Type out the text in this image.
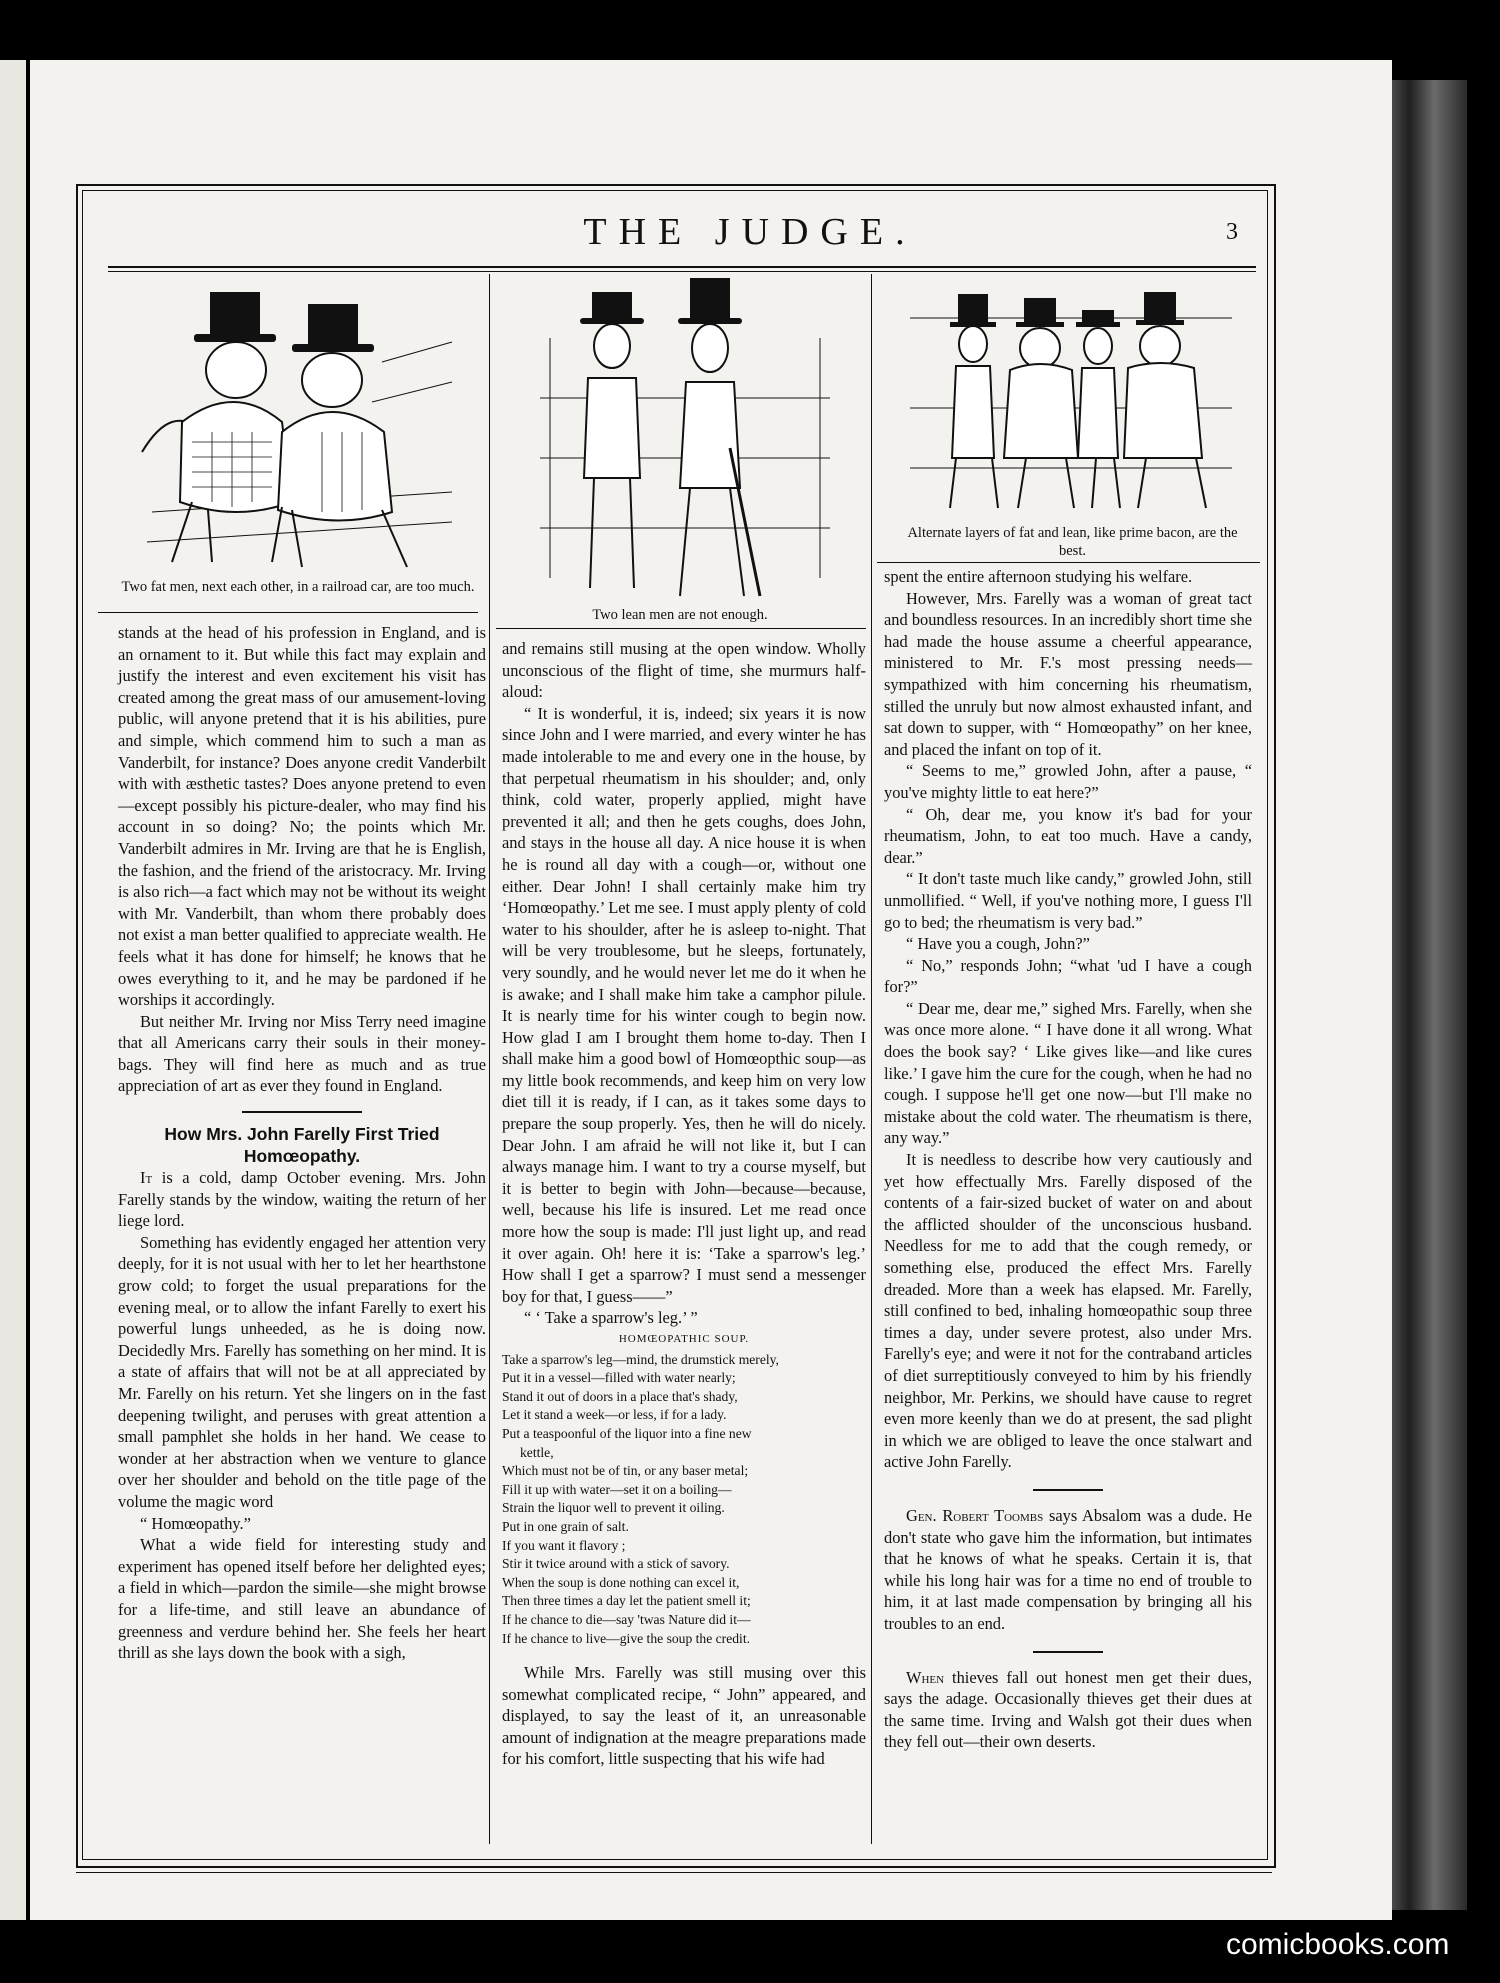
THE JUDGE.	3
Two fat men, next each other, in a railroad car, are too much.
Two lean men are not enough.
Alternate layers of fat and lean, like prime bacon, are the best.

stands at the head of his profession in England, and is an ornament to it. But while this fact may explain and justify the interest and even excitement his visit has created among the great mass of our amusement-loving public, will anyone pretend that it is his abilities, pure and simple, which commend him to such a man as Vanderbilt, for instance? Does anyone credit Vanderbilt with with æsthetic tastes? Does anyone pretend to even—except possibly his picture-dealer, who may find his account in so doing? No; the points which Mr. Vanderbilt admires in Mr. Irving are that he is English, the fashion, and the friend of the aristocracy. Mr. Irving is also rich—a fact which may not be without its weight with Mr. Vanderbilt, than whom there probably does not exist a man better qualified to appreciate wealth. He feels what it has done for himself; he knows that he owes everything to it, and he may be pardoned if he worships it accordingly.

But neither Mr. Irving nor Miss Terry need imagine that all Americans carry their souls in their money-bags. They will find here as much and as true appreciation of art as ever they found in England.

How Mrs. John Farelly First Tried Homœopathy.

It is a cold, damp October evening. Mrs. John Farelly stands by the window, waiting the return of her liege lord.

Something has evidently engaged her attention very deeply, for it is not usual with her to let her hearthstone grow cold; to forget the usual preparations for the evening meal, or to allow the infant Farelly to exert his powerful lungs unheeded, as he is doing now. Decidedly Mrs. Farelly has something on her mind. It is a state of affairs that will not be at all appreciated by Mr. Farelly on his return. Yet she lingers on in the fast deepening twilight, and peruses with great attention a small pamphlet she holds in her hand. We cease to wonder at her abstraction when we venture to glance over her shoulder and behold on the title page of the volume the magic word

“ Homœopathy.”

What a wide field for interesting study and experiment has opened itself before her delighted eyes; a field in which—pardon the simile—she might browse for a life-time, and still leave an abundance of greenness and verdure behind her. She feels her heart thrill as she lays down the book with a sigh,

and remains still musing at the open window. Wholly unconscious of the flight of time, she murmurs half-aloud:

“ It is wonderful, it is, indeed; six years it is now since John and I were married, and every winter he has made intolerable to me and every one in the house, by that perpetual rheumatism in his shoulder; and, only think, cold water, properly applied, might have prevented it all; and then he gets coughs, does John, and stays in the house all day. A nice house it is when he is round all day with a cough—or, without one either. Dear John! I shall certainly make him try ‘Homœopathy.’ Let me see. I must apply plenty of cold water to his shoulder, after he is asleep to-night. That will be very troublesome, but he sleeps, fortunately, very soundly, and he would never let me do it when he is awake; and I shall make him take a camphor pilule. It is nearly time for his winter cough to begin now. How glad I am I brought them home to-day. Then I shall make him a good bowl of Homœopthic soup—as my little book recommends, and keep him on very low diet till it is ready, if I can, as it takes some days to prepare the soup properly. Yes, then he will do nicely. Dear John. I am afraid he will not like it, but I can always manage him. I want to try a course myself, but it is better to begin with John—because—because, well, because his life is insured. Let me read once more how the soup is made: I'll just light up, and read it over again. Oh! here it is: ‘Take a sparrow's leg.’ How shall I get a sparrow? I must send a messenger boy for that, I guess——”

“ ‘ Take a sparrow's leg.’ ”

HOMŒOPATHIC SOUP.

Take a sparrow's leg—mind, the drumstick merely,
Put it in a vessel—filled with water nearly;
Stand it out of doors in a place that's shady,
Let it stand a week—or less, if for a lady.
Put a teaspoonful of the liquor into a fine new
kettle,
Which must not be of tin, or any baser metal;
Fill it up with water—set it on a boiling—
Strain the liquor well to prevent it oiling.
Put in one grain of salt.
If you want it flavory ;
Stir it twice around with a stick of savory.
When the soup is done nothing can excel it,
Then three times a day let the patient smell it;
If he chance to die—say 'twas Nature did it—
If he chance to live—give the soup the credit.

While Mrs. Farelly was still musing over this somewhat complicated recipe, “ John” appeared, and displayed, to say the least of it, an unreasonable amount of indignation at the meagre preparations made for his comfort, little suspecting that his wife had

spent the entire afternoon studying his welfare.

However, Mrs. Farelly was a woman of great tact and boundless resources. In an incredibly short time she had made the house assume a cheerful appearance, ministered to Mr. F.'s most pressing needs—sympathized with him concerning his rheumatism, stilled the unruly but now almost exhausted infant, and sat down to supper, with “ Homœopathy” on her knee, and placed the infant on top of it.

“ Seems to me,” growled John, after a pause, “ you've mighty little to eat here?”

“ Oh, dear me, you know it's bad for your rheumatism, John, to eat too much. Have a candy, dear.”

“ It don't taste much like candy,” growled John, still unmollified. “ Well, if you've nothing more, I guess I'll go to bed; the rheumatism is very bad.”

“ Have you a cough, John?”

“ No,” responds John; “what 'ud I have a cough for?”

“ Dear me, dear me,” sighed Mrs. Farelly, when she was once more alone. “ I have done it all wrong. What does the book say? ‘ Like gives like—and like cures like.’ I gave him the cure for the cough, when he had no cough. I suppose he'll get one now—but I'll make no mistake about the cold water. The rheumatism is there, any way.”

It is needless to describe how very cautiously and yet how effectually Mrs. Farelly disposed of the contents of a fair-sized bucket of water on and about the afflicted shoulder of the unconscious husband. Needless for me to add that the cough remedy, or something else, produced the effect Mrs. Farelly dreaded. More than a week has elapsed. Mr. Farelly, still confined to bed, inhaling homœopathic soup three times a day, under severe protest, also under Mrs. Farelly's eye; and were it not for the contraband articles of diet surreptitiously conveyed to him by his friendly neighbor, Mr. Perkins, we should have cause to regret even more keenly than we do at present, the sad plight in which we are obliged to leave the once stalwart and active John Farelly.

Gen. Robert Toombs says Absalom was a dude. He don't state who gave him the information, but intimates that he knows of what he speaks. Certain it is, that while his long hair was for a time no end of trouble to him, it at last made compensation by bringing all his troubles to an end.

When thieves fall out honest men get their dues, says the adage. Occasionally thieves get their dues at the same time. Irving and Walsh got their dues when they fell out—their own deserts.

comicbooks.com
